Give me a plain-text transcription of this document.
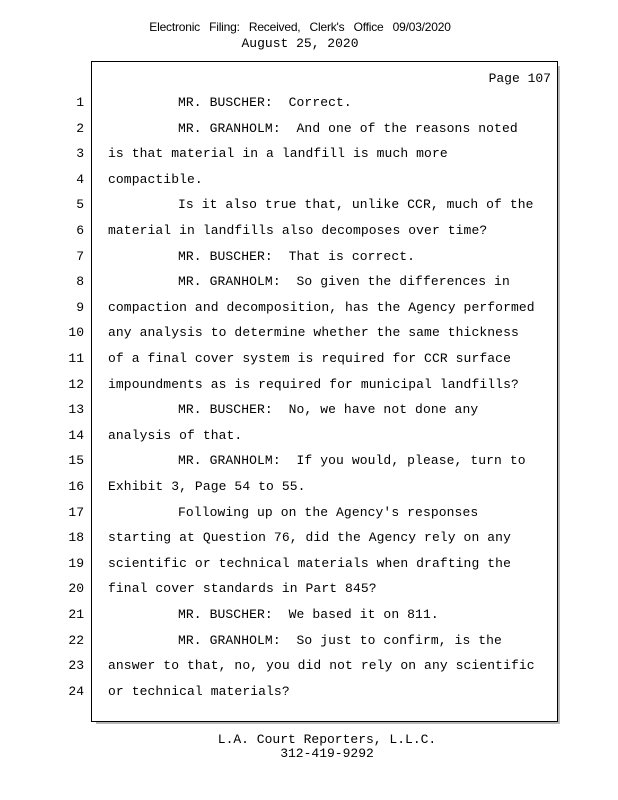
Electronic Filing: Received, Clerk's Office 09/03/2020
August 25, 2020
Page 107
1	MR. BUSCHER:  Correct.
2	MR. GRANHOLM:  And one of the reasons noted
3 is that material in a landfill is much more
4 compactible.
5	Is it also true that, unlike CCR, much of the
6 material in landfills also decomposes over time?
7	MR. BUSCHER:  That is correct.
8	MR. GRANHOLM:  So given the differences in
9 compaction and decomposition, has the Agency performed
10 any analysis to determine whether the same thickness
11 of a final cover system is required for CCR surface
12 impoundments as is required for municipal landfills?
13	MR. BUSCHER:  No, we have not done any
14 analysis of that.
15	MR. GRANHOLM:  If you would, please, turn to
16 Exhibit 3, Page 54 to 55.
17	Following up on the Agency's responses
18 starting at Question 76, did the Agency rely on any
19 scientific or technical materials when drafting the
20 final cover standards in Part 845?
21	MR. BUSCHER:  We based it on 811.
22	MR. GRANHOLM:  So just to confirm, is the
23 answer to that, no, you did not rely on any scientific
24 or technical materials?
L.A. Court Reporters, L.L.C.
312-419-9292
